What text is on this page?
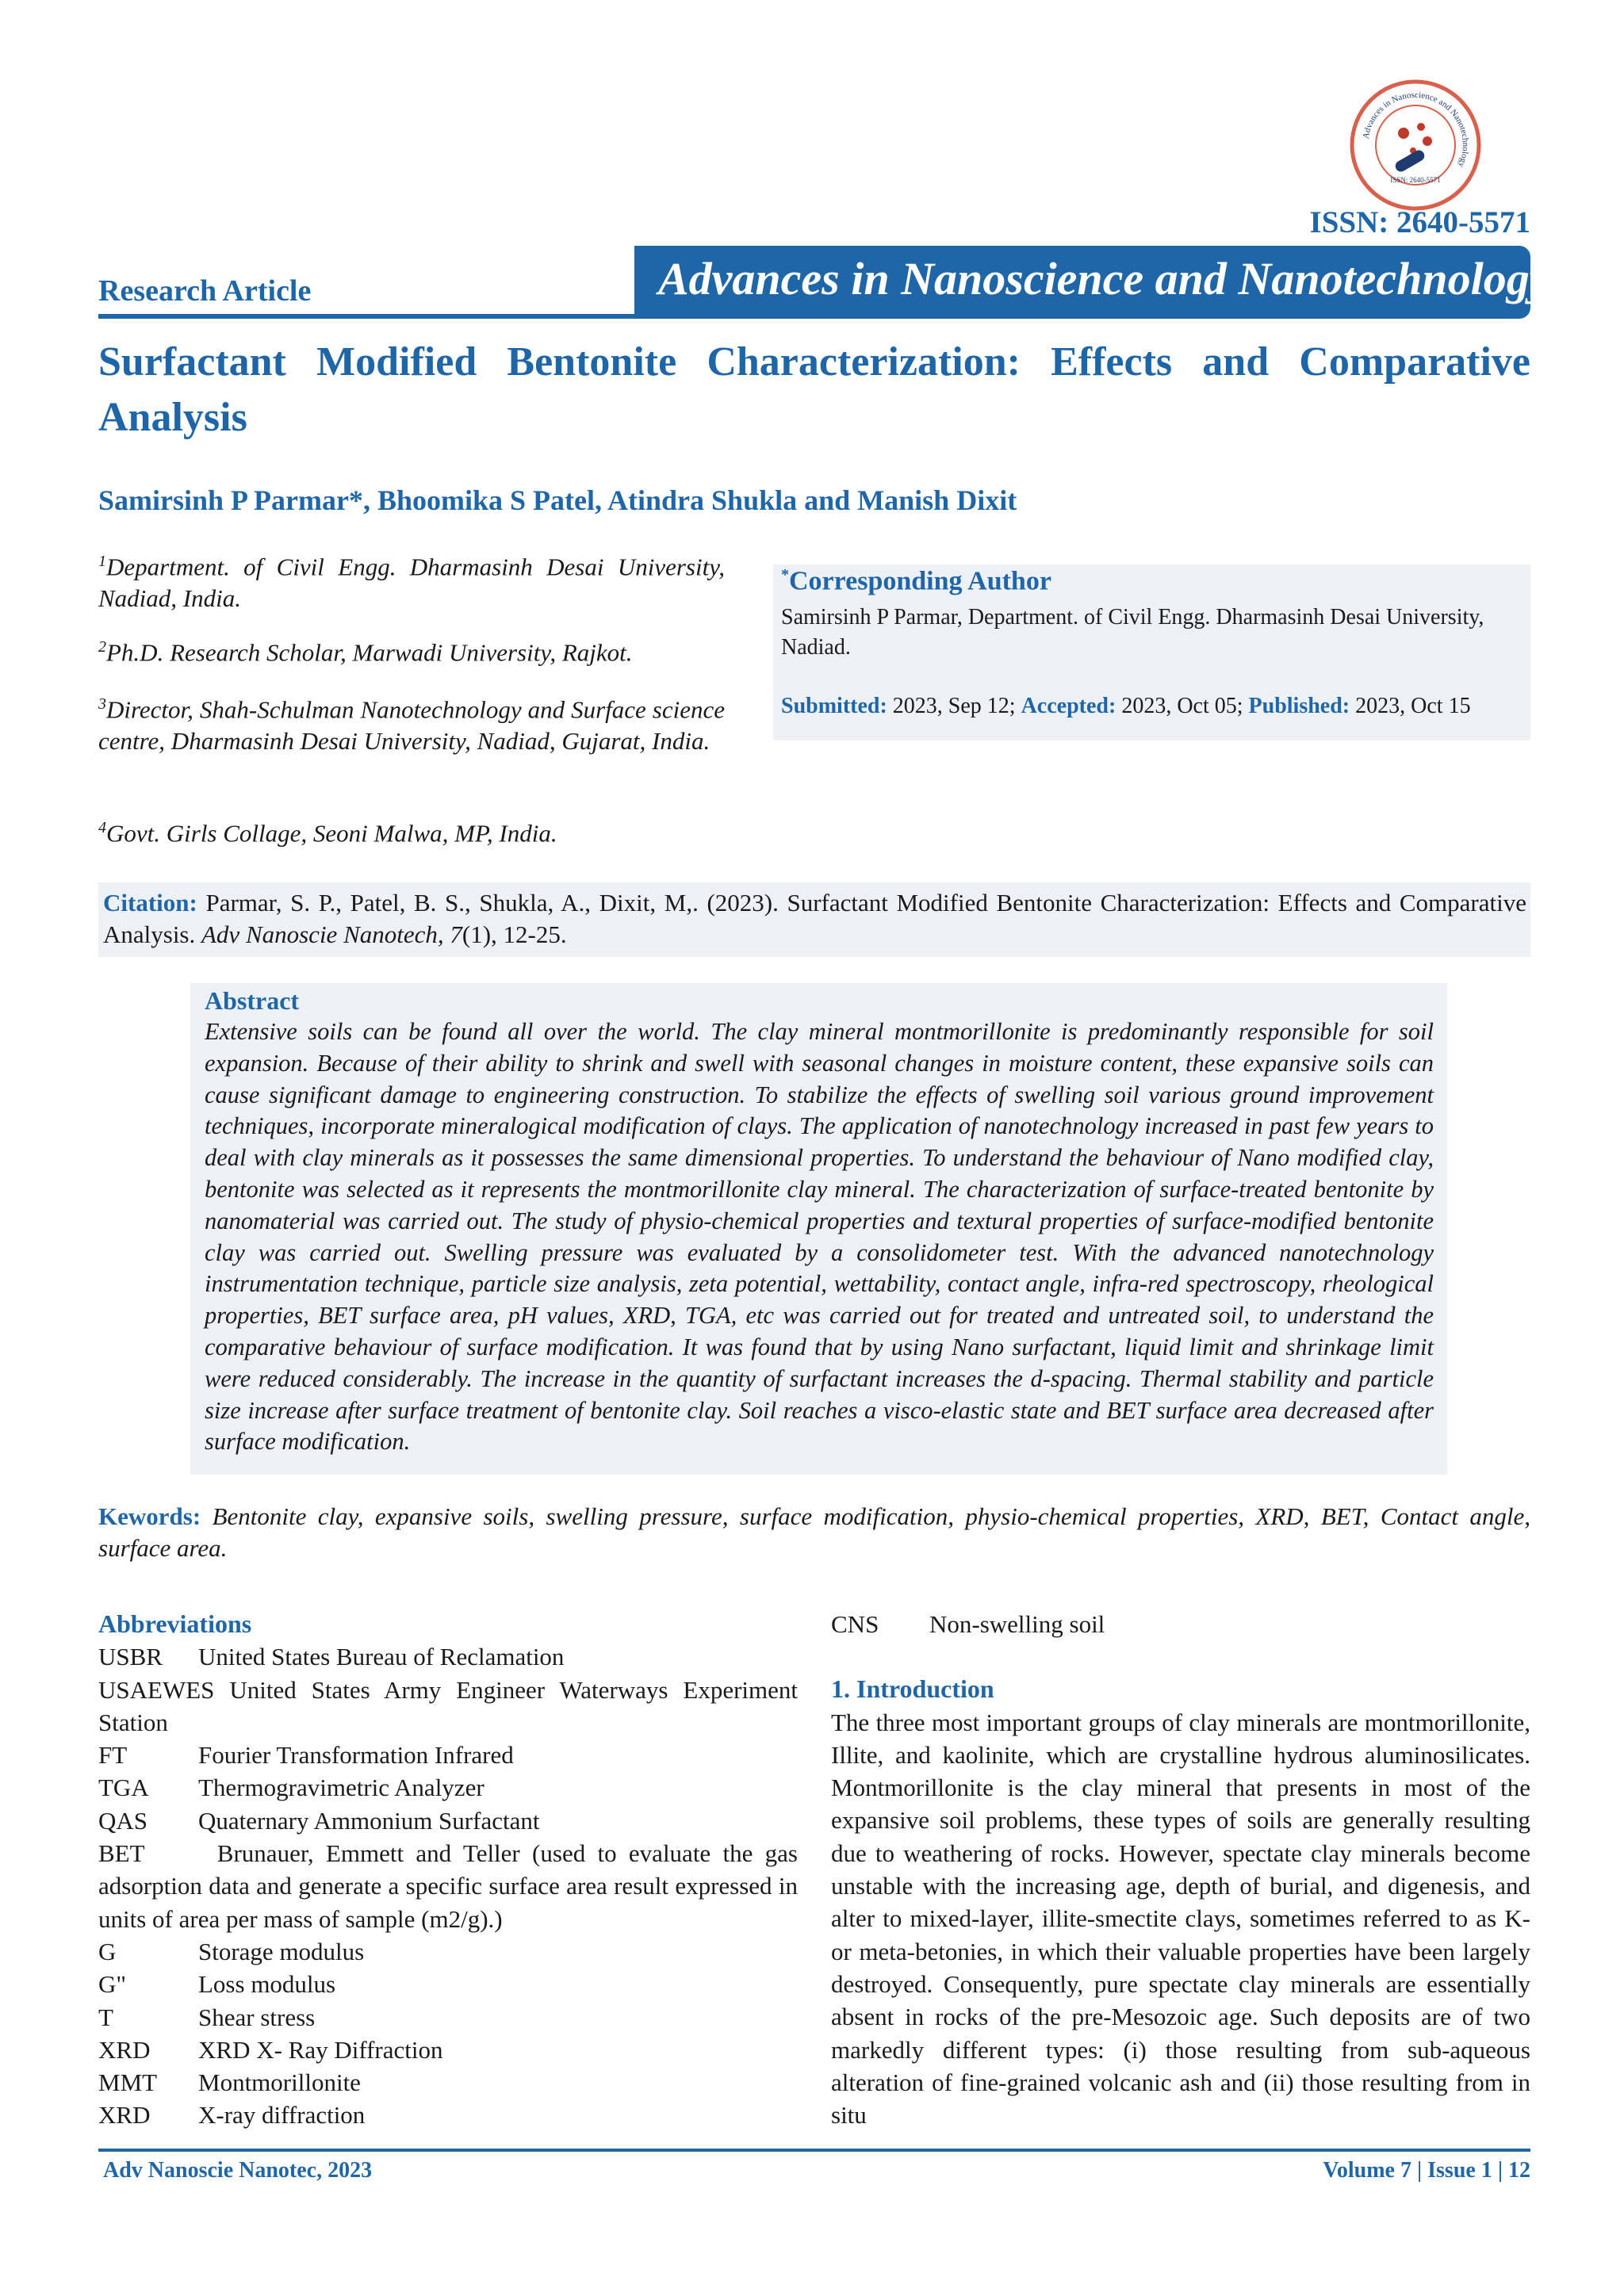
Advances in Nanoscience and Nanotechnology
ISSN: 2640-5571
ISSN: 2640-5571
Advances in Nanoscience and Nanotechnology
Research Article
Surfactant Modified Bentonite Characterization: Effects and Comparative Analysis
Samirsinh P Parmar*, Bhoomika S Patel, Atindra Shukla and Manish Dixit
$^1$Department. of Civil Engg. Dharmasinh Desai University, Nadiad, India.
$^2$Ph.D. Research Scholar, Marwadi University, Rajkot.
$^3$Director, Shah-Schulman Nanotechnology and Surface science centre, Dharmasinh Desai University, Nadiad, Gujarat, India.
$^4$Govt. Girls Collage, Seoni Malwa, MP, India.
*Corresponding Author
Samirsinh P Parmar, Department. of Civil Engg. Dharmasinh Desai University, Nadiad.
Submitted: 2023, Sep 12; Accepted: 2023, Oct 05; Published: 2023, Oct 15
Citation: Parmar, S. P., Patel, B. S., Shukla, A., Dixit, M,. (2023). Surfactant Modified Bentonite Characterization: Effects and Comparative Analysis. Adv Nanoscie Nanotech, 7(1), 12-25.
Abstract
Extensive soils can be found all over the world. The clay mineral montmorillonite is predominantly responsible for soil expansion. Because of their ability to shrink and swell with seasonal changes in moisture content, these expansive soils can cause significant damage to engineering construction. To stabilize the effects of swelling soil various ground improvement techniques, incorporate mineralogical modification of clays. The application of nanotechnology increased in past few years to deal with clay minerals as it possesses the same dimensional properties. To understand the behaviour of Nano modified clay, bentonite was selected as it represents the montmorillonite clay mineral. The characterization of surface-treated bentonite by nanomaterial was carried out. The study of physio-chemical properties and textural properties of surface-modified bentonite clay was carried out. Swelling pressure was evaluated by a consolidometer test. With the advanced nanotechnology instrumentation technique, particle size analysis, zeta potential, wettability, contact angle, infra-red spectroscopy, rheological properties, BET surface area, pH values, XRD, TGA, etc was carried out for treated and untreated soil, to understand the comparative behaviour of surface modification. It was found that by using Nano surfactant, liquid limit and shrinkage limit were reduced considerably. The increase in the quantity of surfactant increases the d-spacing. Thermal stability and particle size increase after surface treatment of bentonite clay. Soil reaches a visco-elastic state and BET surface area decreased after surface modification.
Kewords: Bentonite clay, expansive soils, swelling pressure, surface modification, physio-chemical properties, XRD, BET, Contact angle, surface area.
Abbreviations
USBR	United States Bureau of Reclamation
USAEWES United States Army Engineer Waterways Experiment Station
FT	Fourier Transformation Infrared
TGA	Thermogravimetric Analyzer
QAS	Quaternary Ammonium Surfactant
BET      Brunauer, Emmett and Teller (used to evaluate the gas adsorption data and generate a specific surface area result expressed in units of area per mass of sample (m2/g).)
G	Storage modulus
G"	Loss modulus
T	Shear stress
XRD	XRD X- Ray Diffraction
MMT	Montmorillonite
XRD	X-ray diffraction
CNS	Non-swelling soil
1. Introduction
The three most important groups of clay minerals are montmorillonite, Illite, and kaolinite, which are crystalline hydrous aluminosilicates. Montmorillonite is the clay mineral that presents in most of the expansive soil problems, these types of soils are generally resulting due to weathering of rocks. However, spectate clay minerals become unstable with the increasing age, depth of burial, and digenesis, and alter to mixed-layer, illite-smectite clays, sometimes referred to as K- or meta-betonies, in which their valuable properties have been largely destroyed. Consequently, pure spectate clay minerals are essentially absent in rocks of the pre-Mesozoic age. Such deposits are of two markedly different types: (i) those resulting from sub-aqueous alteration of fine-grained volcanic ash and (ii) those resulting from in situ
Adv Nanoscie Nanotec, 2023	Volume 7 | Issue 1 | 12
